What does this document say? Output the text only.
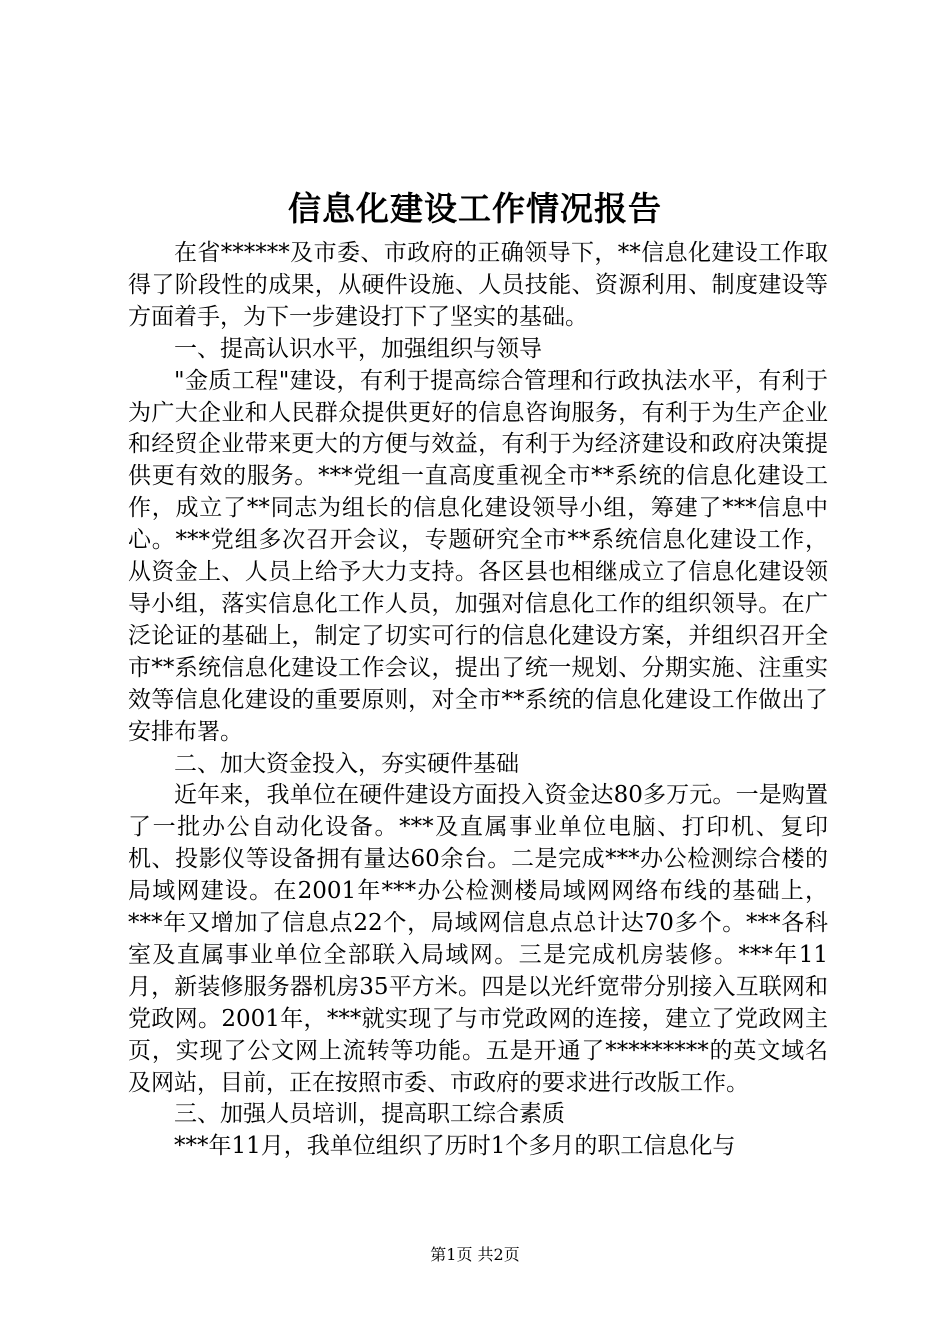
信息化建设工作情况报告

在省******及市委、市政府的正确领导下，**信息化建设工作取得了阶段性的成果，从硬件设施、人员技能、资源利用、制度建设等方面着手，为下一步建设打下了坚实的基础。

一、提高认识水平，加强组织与领导

"金质工程"建设，有利于提高综合管理和行政执法水平，有利于为广大企业和人民群众提供更好的信息咨询服务，有利于为生产企业和经贸企业带来更大的方便与效益，有利于为经济建设和政府决策提供更有效的服务。***党组一直高度重视全市**系统的信息化建设工作，成立了**同志为组长的信息化建设领导小组，筹建了***信息中心。***党组多次召开会议，专题研究全市**系统信息化建设工作，从资金上、人员上给予大力支持。各区县也相继成立了信息化建设领导小组，落实信息化工作人员，加强对信息化工作的组织领导。在广泛论证的基础上，制定了切实可行的信息化建设方案，并组织召开全市**系统信息化建设工作会议，提出了统一规划、分期实施、注重实效等信息化建设的重要原则，对全市**系统的信息化建设工作做出了安排布署。

二、加大资金投入，夯实硬件基础

近年来，我单位在硬件建设方面投入资金达80多万元。一是购置了一批办公自动化设备。***及直属事业单位电脑、打印机、复印机、投影仪等设备拥有量达60余台。二是完成***办公检测综合楼的局域网建设。在2001年***办公检测楼局域网网络布线的基础上，***年又增加了信息点22个，局域网信息点总计达70多个。***各科室及直属事业单位全部联入局域网。三是完成机房装修。***年11月，新装修服务器机房35平方米。四是以光纤宽带分别接入互联网和党政网。2001年，***就实现了与市党政网的连接，建立了党政网主页，实现了公文网上流转等功能。五是开通了*********的英文域名及网站，目前，正在按照市委、市政府的要求进行改版工作。

三、加强人员培训，提高职工综合素质

***年11月，我单位组织了历时1个多月的职工信息化与

第1页 共2页
